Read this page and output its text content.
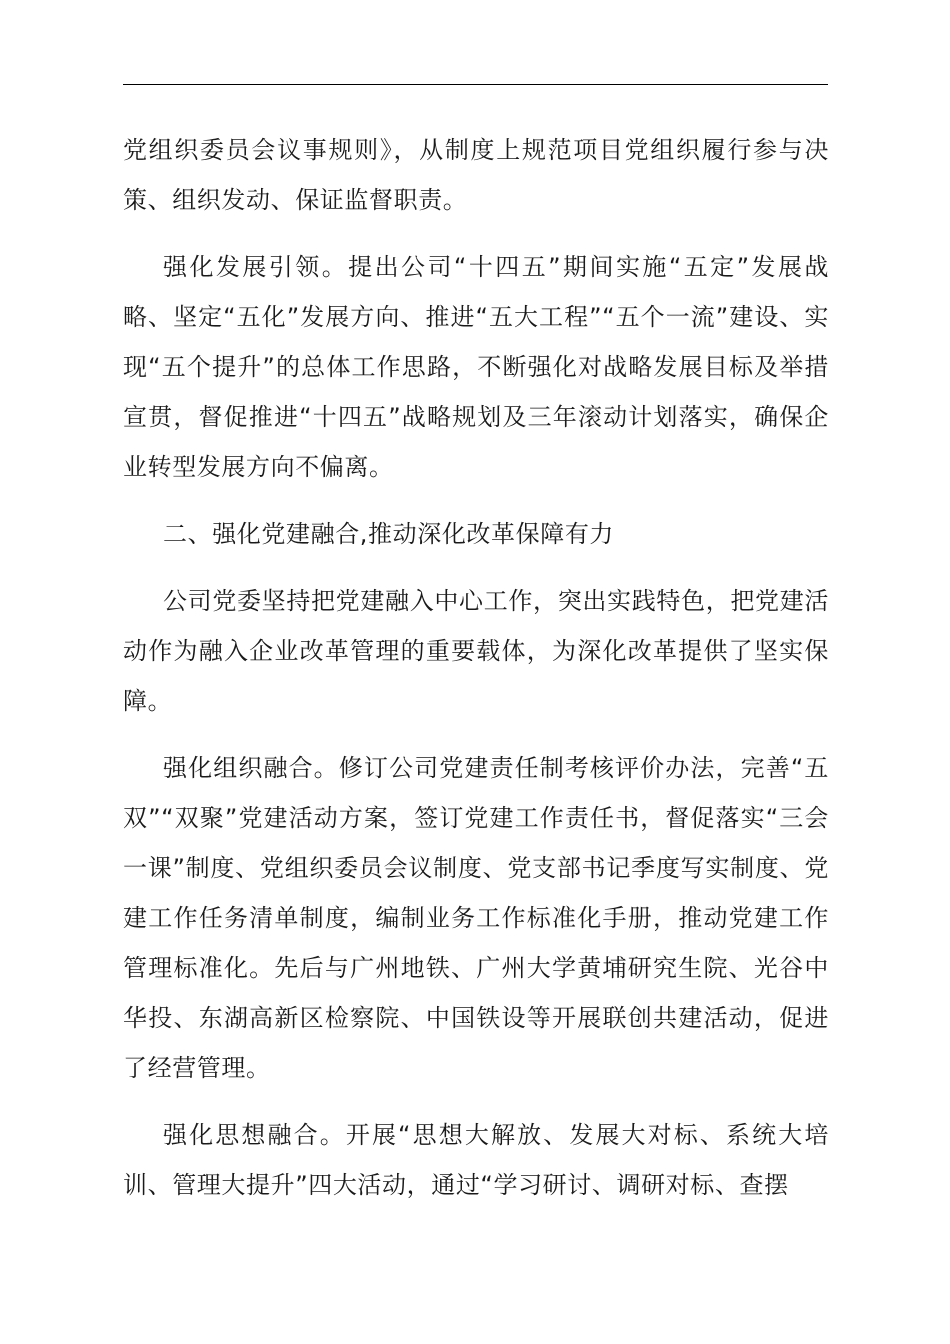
党组织委员会议事规则》，从制度上规范项目党组织履行参与决策、组织发动、保证监督职责。

强化发展引领。提出公司“十四五”期间实施“五定”发展战略、坚定“五化”发展方向、推进“五大工程”“五个一流”建设、实现“五个提升”的总体工作思路，不断强化对战略发展目标及举措宣贯，督促推进“十四五”战略规划及三年滚动计划落实，确保企业转型发展方向不偏离。

二、强化党建融合,推动深化改革保障有力

公司党委坚持把党建融入中心工作，突出实践特色，把党建活动作为融入企业改革管理的重要载体，为深化改革提供了坚实保障。

强化组织融合。修订公司党建责任制考核评价办法，完善“五双”“双聚”党建活动方案，签订党建工作责任书，督促落实“三会一课”制度、党组织委员会议制度、党支部书记季度写实制度、党建工作任务清单制度，编制业务工作标准化手册，推动党建工作管理标准化。先后与广州地铁、广州大学黄埔研究生院、光谷中华投、东湖高新区检察院、中国铁设等开展联创共建活动，促进了经营管理。

强化思想融合。开展“思想大解放、发展大对标、系统大培训、管理大提升”四大活动，通过“学习研讨、调研对标、查摆
